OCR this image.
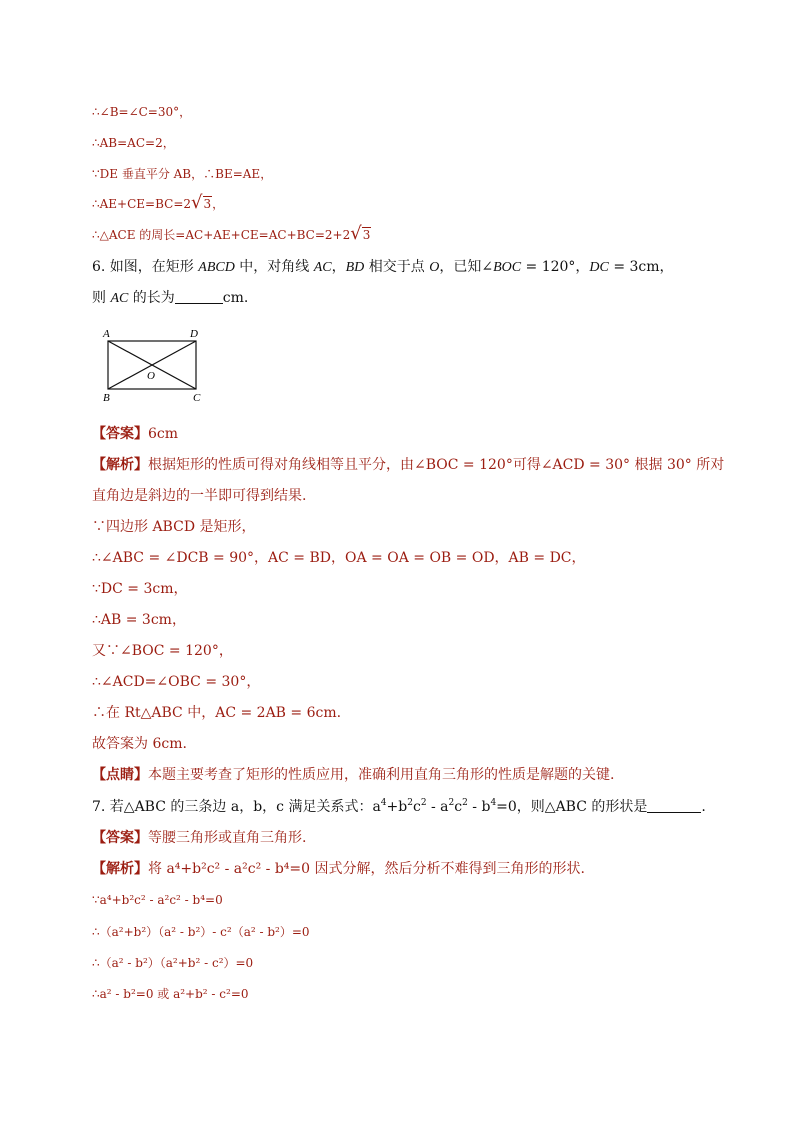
∴∠B=∠C=30°，
∴AB=AC=2，
∵DE 垂直平分 AB，∴BE=AE，
∴AE+CE=BC=2√3，
∴△ACE 的周长=AC+AE+CE=AC+BC=2+2√3
6. 如图，在矩形 ABCD 中，对角线 AC，BD 相交于点 O，已知∠BOC = 120°，DC = 3cm，
则 AC 的长为	cm.
A	D
O
B	C
【答案】6cm
【解析】根据矩形的性质可得对角线相等且平分，由∠BOC = 120°可得∠ACD = 30° 根据 30° 所对
直角边是斜边的一半即可得到结果.
∵四边形 ABCD 是矩形，
∴∠ABC = ∠DCB = 90°，AC = BD，OA = OA = OB = OD，AB = DC，
∵DC = 3cm，
∴AB = 3cm，
又∵∠BOC = 120°，
∴∠ACD=∠OBC = 30°，
∴在 Rt△ABC 中，AC = 2AB = 6cm.
故答案为 6cm.
【点睛】本题主要考查了矩形的性质应用，准确利用直角三角形的性质是解题的关键.
7. 若△ABC 的三条边 a，b，c 满足关系式：$a^4+b^2c^2 - a^2c^2 - b^4=0$，则△ABC 的形状是	.
【答案】等腰三角形或直角三角形.
【解析】将 a⁴+b²c² - a²c² - b⁴=0 因式分解，然后分析不难得到三角形的形状.
∵a⁴+b²c² - a²c² - b⁴=0
∴（a²+b²）（a² - b²）- c²（a² - b²）=0
∴（a² - b²）（a²+b² - c²）=0
∴a² - b²=0 或 a²+b² - c²=0
